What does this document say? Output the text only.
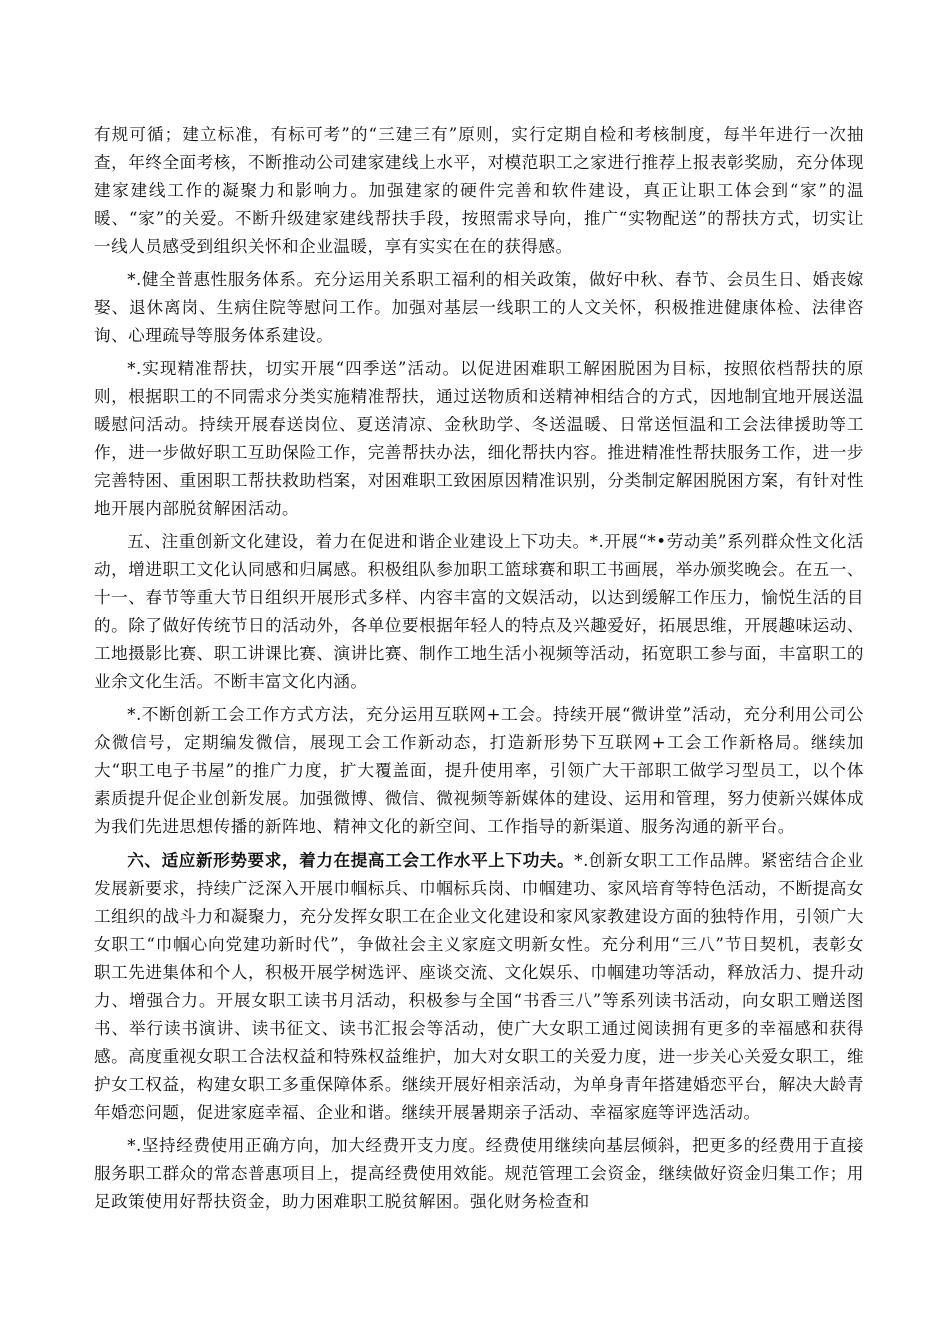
有规可循；建立标准，有标可考”的“三建三有”原则，实行定期自检和考核制度，每半年进行一次抽查，年终全面考核，不断推动公司建家建线上水平，对模范职工之家进行推荐上报表彰奖励，充分体现建家建线工作的凝聚力和影响力。加强建家的硬件完善和软件建设，真正让职工体会到“家”的温暖、“家”的关爱。不断升级建家建线帮扶手段，按照需求导向，推广“实物配送”的帮扶方式，切实让一线人员感受到组织关怀和企业温暖，享有实实在在的获得感。

*.健全普惠性服务体系。充分运用关系职工福利的相关政策，做好中秋、春节、会员生日、婚丧嫁娶、退休离岗、生病住院等慰问工作。加强对基层一线职工的人文关怀，积极推进健康体检、法律咨询、心理疏导等服务体系建设。

*.实现精准帮扶，切实开展“四季送”活动。以促进困难职工解困脱困为目标，按照依档帮扶的原则，根据职工的不同需求分类实施精准帮扶，通过送物质和送精神相结合的方式，因地制宜地开展送温暖慰问活动。持续开展春送岗位、夏送清凉、金秋助学、冬送温暖、日常送恒温和工会法律援助等工作，进一步做好职工互助保险工作，完善帮扶办法，细化帮扶内容。推进精准性帮扶服务工作，进一步完善特困、重困职工帮扶救助档案，对困难职工致困原因精准识别，分类制定解困脱困方案，有针对性地开展内部脱贫解困活动。

五、注重创新文化建设，着力在促进和谐企业建设上下功夫。*.开展“*•劳动美”系列群众性文化活动，增进职工文化认同感和归属感。积极组队参加职工篮球赛和职工书画展，举办颁奖晚会。在五一、十一、春节等重大节日组织开展形式多样、内容丰富的文娱活动，以达到缓解工作压力，愉悦生活的目的。除了做好传统节日的活动外，各单位要根据年轻人的特点及兴趣爱好，拓展思维，开展趣味运动、工地摄影比赛、职工讲课比赛、演讲比赛、制作工地生活小视频等活动，拓宽职工参与面，丰富职工的业余文化生活。不断丰富文化内涵。

*.不断创新工会工作方式方法，充分运用互联网+工会。持续开展“微讲堂”活动，充分利用公司公众微信号，定期编发微信，展现工会工作新动态，打造新形势下互联网+工会工作新格局。继续加大“职工电子书屋”的推广力度，扩大覆盖面，提升使用率，引领广大干部职工做学习型员工，以个体素质提升促企业创新发展。加强微博、微信、微视频等新媒体的建设、运用和管理，努力使新兴媒体成为我们先进思想传播的新阵地、精神文化的新空间、工作指导的新渠道、服务沟通的新平台。

六、适应新形势要求，着力在提高工会工作水平上下功夫。*.创新女职工工作品牌。紧密结合企业发展新要求，持续广泛深入开展巾帼标兵、巾帼标兵岗、巾帼建功、家风培育等特色活动，不断提高女工组织的战斗力和凝聚力，充分发挥女职工在企业文化建设和家风家教建设方面的独特作用，引领广大女职工“巾帼心向党建功新时代”，争做社会主义家庭文明新女性。充分利用“三八”节日契机，表彰女职工先进集体和个人，积极开展学树选评、座谈交流、文化娱乐、巾帼建功等活动，释放活力、提升动力、增强合力。开展女职工读书月活动，积极参与全国“书香三八”等系列读书活动，向女职工赠送图书、举行读书演讲、读书征文、读书汇报会等活动，使广大女职工通过阅读拥有更多的幸福感和获得感。高度重视女职工合法权益和特殊权益维护，加大对女职工的关爱力度，进一步关心关爱女职工，维护女工权益，构建女职工多重保障体系。继续开展好相亲活动，为单身青年搭建婚恋平台，解决大龄青年婚恋问题，促进家庭幸福、企业和谐。继续开展暑期亲子活动、幸福家庭等评选活动。

*.坚持经费使用正确方向，加大经费开支力度。经费使用继续向基层倾斜，把更多的经费用于直接服务职工群众的常态普惠项目上，提高经费使用效能。规范管理工会资金，继续做好资金归集工作；用足政策使用好帮扶资金，助力困难职工脱贫解困。强化财务检查和
